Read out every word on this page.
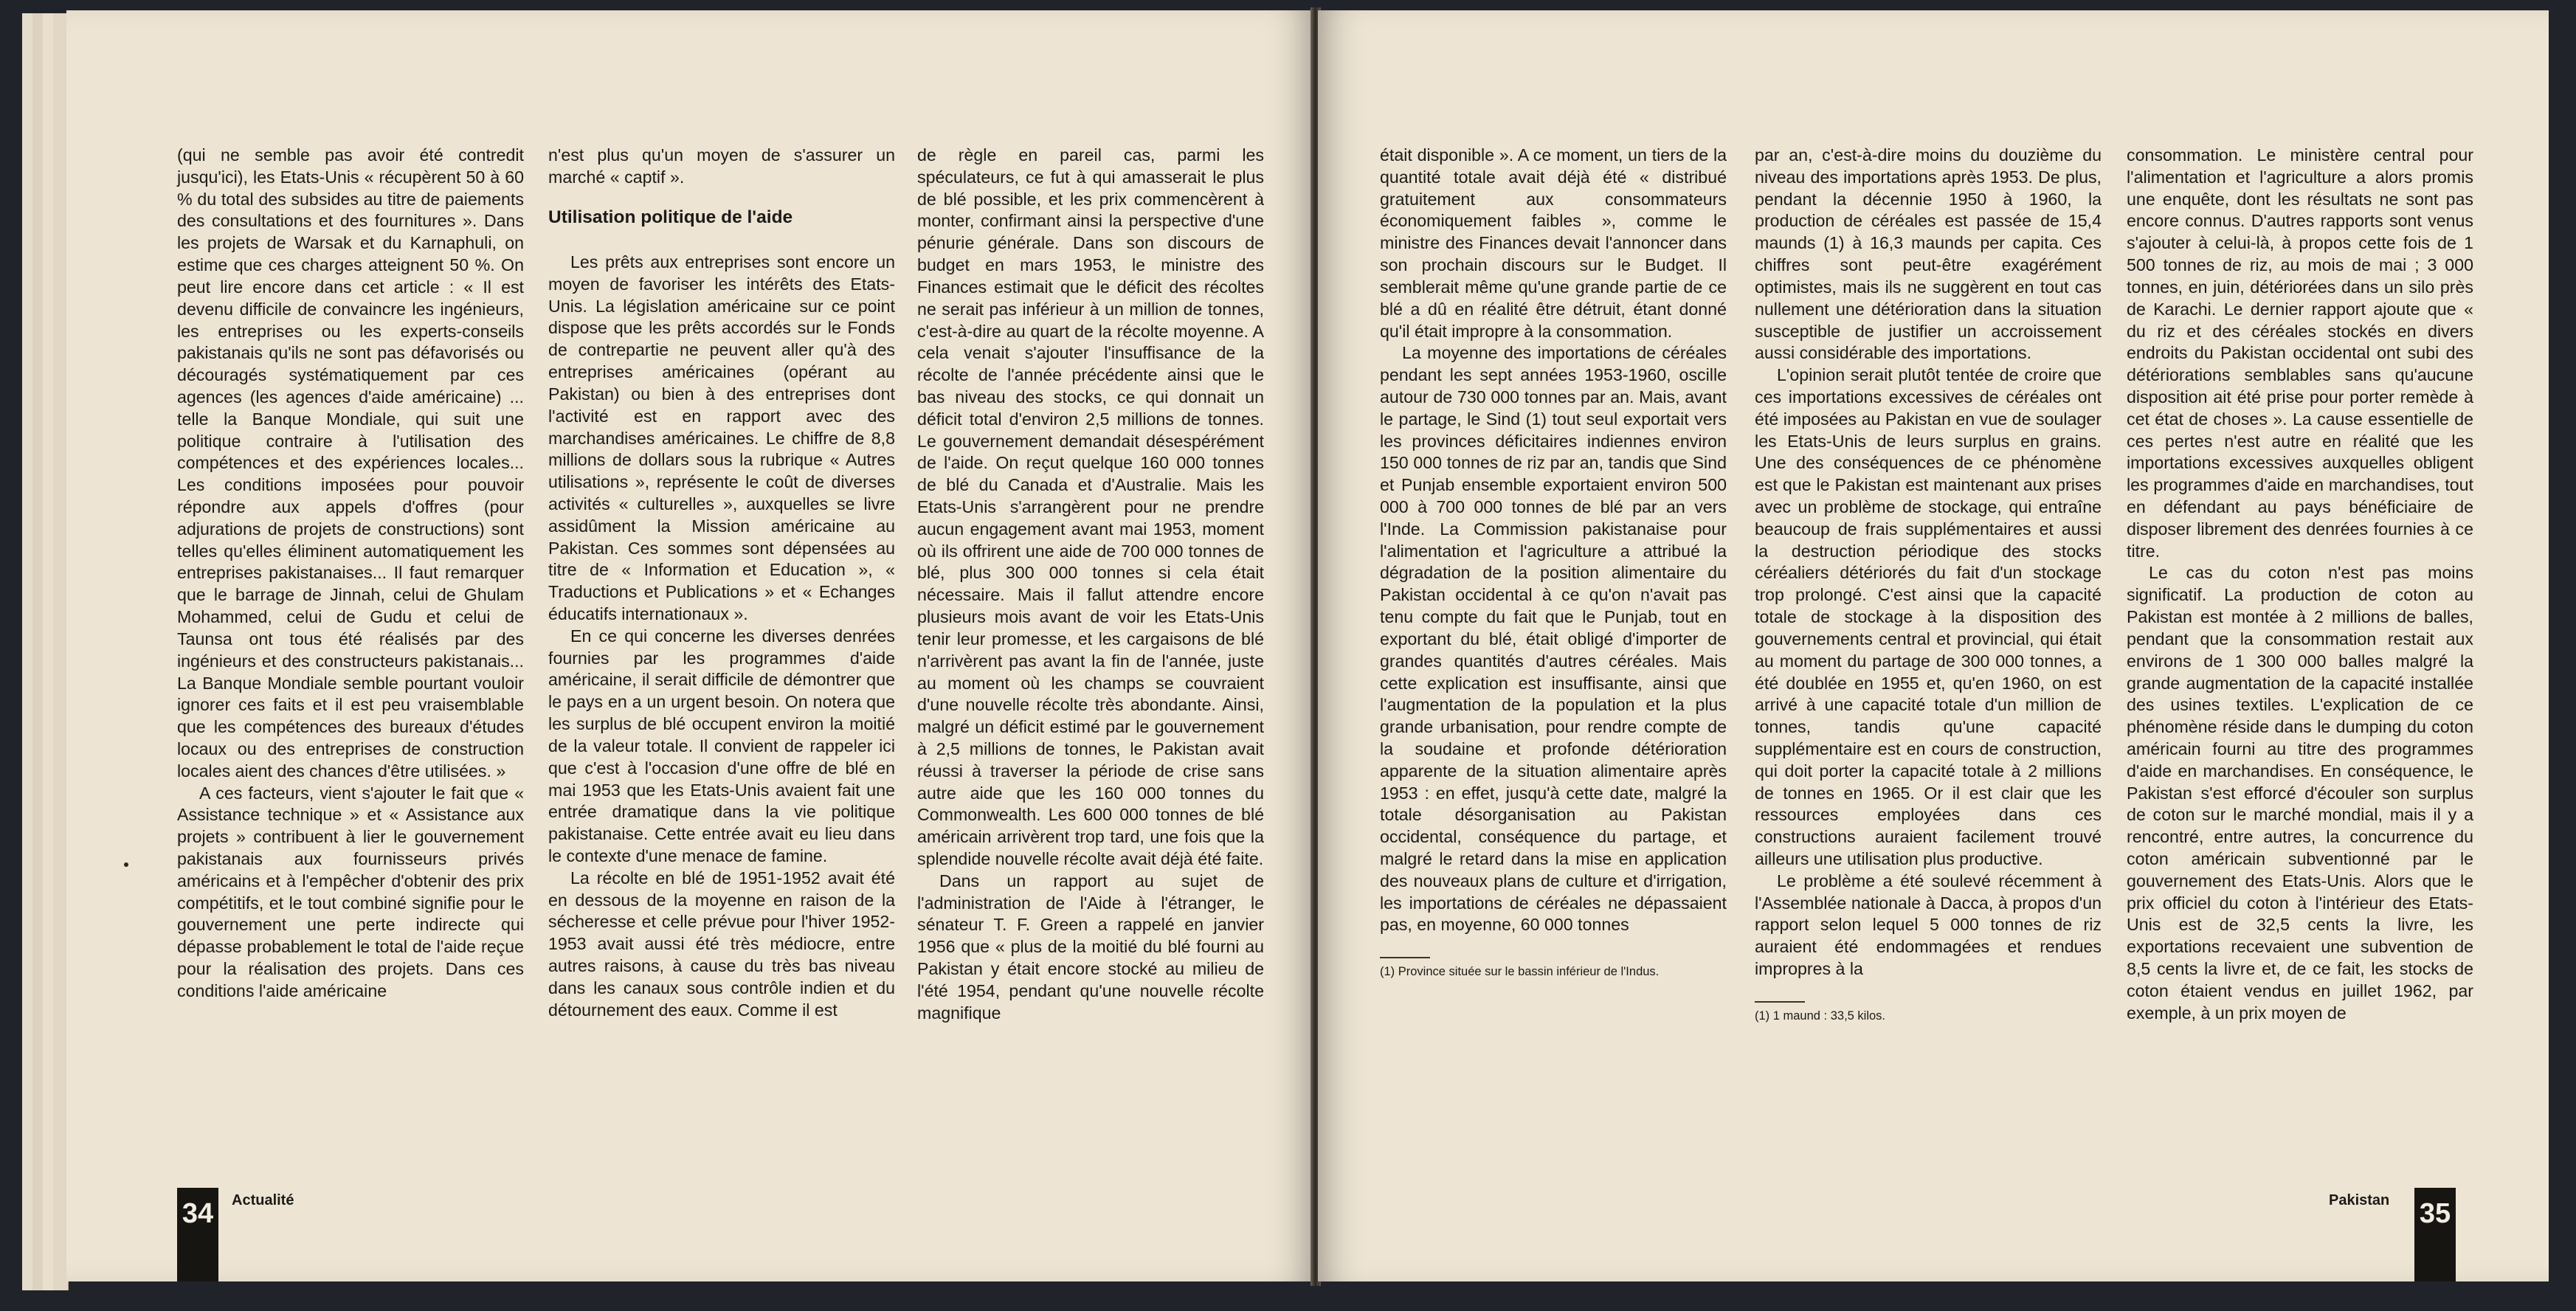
(qui ne semble pas avoir été contredit jusqu'ici), les Etats-Unis « récupèrent 50 à 60 % du total des subsides au titre de paiements des consultations et des fournitures ». Dans les projets de Warsak et du Karnaphuli, on estime que ces charges atteignent 50 %. On peut lire encore dans cet article : « Il est devenu difficile de convaincre les ingénieurs, les entreprises ou les experts-conseils pakistanais qu'ils ne sont pas défavorisés ou découragés systématiquement par ces agences (les agences d'aide américaine) ... telle la Banque Mondiale, qui suit une politique contraire à l'utilisation des compétences et des expériences locales... Les conditions imposées pour pouvoir répondre aux appels d'offres (pour adjurations de projets de constructions) sont telles qu'elles éliminent automatiquement les entreprises pakistanaises... Il faut remarquer que le barrage de Jinnah, celui de Ghulam Mohammed, celui de Gudu et celui de Taunsa ont tous été réalisés par des ingénieurs et des constructeurs pakistanais... La Banque Mondiale semble pourtant vouloir ignorer ces faits et il est peu vraisemblable que les compétences des bureaux d'études locaux ou des entreprises de construction locales aient des chances d'être utilisées. »

A ces facteurs, vient s'ajouter le fait que « Assistance technique » et « Assistance aux projets » contribuent à lier le gouvernement pakistanais aux fournisseurs privés américains et à l'empêcher d'obtenir des prix compétitifs, et le tout combiné signifie pour le gouvernement une perte indirecte qui dépasse probablement le total de l'aide reçue pour la réalisation des projets. Dans ces conditions l'aide américaine

n'est plus qu'un moyen de s'assurer un marché « captif ».

Utilisation politique de l'aide

Les prêts aux entreprises sont encore un moyen de favoriser les intérêts des Etats-Unis. La législation américaine sur ce point dispose que les prêts accordés sur le Fonds de contrepartie ne peuvent aller qu'à des entreprises américaines (opérant au Pakistan) ou bien à des entreprises dont l'activité est en rapport avec des marchandises américaines. Le chiffre de 8,8 millions de dollars sous la rubrique « Autres utilisations », représente le coût de diverses activités « culturelles », auxquelles se livre assidûment la Mission américaine au Pakistan. Ces sommes sont dépensées au titre de « Information et Education », « Traductions et Publications » et « Echanges éducatifs internationaux ».

En ce qui concerne les diverses denrées fournies par les programmes d'aide américaine, il serait difficile de démontrer que le pays en a un urgent besoin. On notera que les surplus de blé occupent environ la moitié de la valeur totale. Il convient de rappeler ici que c'est à l'occasion d'une offre de blé en mai 1953 que les Etats-Unis avaient fait une entrée dramatique dans la vie politique pakistanaise. Cette entrée avait eu lieu dans le contexte d'une menace de famine.

La récolte en blé de 1951-1952 avait été en dessous de la moyenne en raison de la sécheresse et celle prévue pour l'hiver 1952-1953 avait aussi été très médiocre, entre autres raisons, à cause du très bas niveau dans les canaux sous contrôle indien et du détournement des eaux. Comme il est

de règle en pareil cas, parmi les spéculateurs, ce fut à qui amasserait le plus de blé possible, et les prix commencèrent à monter, confirmant ainsi la perspective d'une pénurie générale. Dans son discours de budget en mars 1953, le ministre des Finances estimait que le déficit des récoltes ne serait pas inférieur à un million de tonnes, c'est-à-dire au quart de la récolte moyenne. A cela venait s'ajouter l'insuffisance de la récolte de l'année précédente ainsi que le bas niveau des stocks, ce qui donnait un déficit total d'environ 2,5 millions de tonnes. Le gouvernement demandait désespérément de l'aide. On reçut quelque 160 000 tonnes de blé du Canada et d'Australie. Mais les Etats-Unis s'arrangèrent pour ne prendre aucun engagement avant mai 1953, moment où ils offrirent une aide de 700 000 tonnes de blé, plus 300 000 tonnes si cela était nécessaire. Mais il fallut attendre encore plusieurs mois avant de voir les Etats-Unis tenir leur promesse, et les cargaisons de blé n'arrivèrent pas avant la fin de l'année, juste au moment où les champs se couvraient d'une nouvelle récolte très abondante. Ainsi, malgré un déficit estimé par le gouvernement à 2,5 millions de tonnes, le Pakistan avait réussi à traverser la période de crise sans autre aide que les 160 000 tonnes du Commonwealth. Les 600 000 tonnes de blé américain arrivèrent trop tard, une fois que la splendide nouvelle récolte avait déjà été faite.

Dans un rapport au sujet de l'administration de l'Aide à l'étranger, le sénateur T. F. Green a rappelé en janvier 1956 que « plus de la moitié du blé fourni au Pakistan y était encore stocké au milieu de l'été 1954, pendant qu'une nouvelle récolte magnifique

34 Actualité

était disponible ». A ce moment, un tiers de la quantité totale avait déjà été « distribué gratuitement aux consommateurs économiquement faibles », comme le ministre des Finances devait l'annoncer dans son prochain discours sur le Budget. Il semblerait même qu'une grande partie de ce blé a dû en réalité être détruit, étant donné qu'il était impropre à la consommation.

La moyenne des importations de céréales pendant les sept années 1953-1960, oscille autour de 730 000 tonnes par an. Mais, avant le partage, le Sind (1) tout seul exportait vers les provinces déficitaires indiennes environ 150 000 tonnes de riz par an, tandis que Sind et Punjab ensemble exportaient environ 500 000 à 700 000 tonnes de blé par an vers l'Inde. La Commission pakistanaise pour l'alimentation et l'agriculture a attribué la dégradation de la position alimentaire du Pakistan occidental à ce qu'on n'avait pas tenu compte du fait que le Punjab, tout en exportant du blé, était obligé d'importer de grandes quantités d'autres céréales. Mais cette explication est insuffisante, ainsi que l'augmentation de la population et la plus grande urbanisation, pour rendre compte de la soudaine et profonde détérioration apparente de la situation alimentaire après 1953 : en effet, jusqu'à cette date, malgré la totale désorganisation au Pakistan occidental, conséquence du partage, et malgré le retard dans la mise en application des nouveaux plans de culture et d'irrigation, les importations de céréales ne dépassaient pas, en moyenne, 60 000 tonnes

(1) Province située sur le bassin inférieur de l'Indus.

par an, c'est-à-dire moins du douzième du niveau des importations après 1953. De plus, pendant la décennie 1950 à 1960, la production de céréales est passée de 15,4 maunds (1) à 16,3 maunds per capita. Ces chiffres sont peut-être exagérément optimistes, mais ils ne suggèrent en tout cas nullement une détérioration dans la situation susceptible de justifier un accroissement aussi considérable des importations.

L'opinion serait plutôt tentée de croire que ces importations excessives de céréales ont été imposées au Pakistan en vue de soulager les Etats-Unis de leurs surplus en grains. Une des conséquences de ce phénomène est que le Pakistan est maintenant aux prises avec un problème de stockage, qui entraîne beaucoup de frais supplémentaires et aussi la destruction périodique des stocks céréaliers détériorés du fait d'un stockage trop prolongé. C'est ainsi que la capacité totale de stockage à la disposition des gouvernements central et provincial, qui était au moment du partage de 300 000 tonnes, a été doublée en 1955 et, qu'en 1960, on est arrivé à une capacité totale d'un million de tonnes, tandis qu'une capacité supplémentaire est en cours de construction, qui doit porter la capacité totale à 2 millions de tonnes en 1965. Or il est clair que les ressources employées dans ces constructions auraient facilement trouvé ailleurs une utilisation plus productive.

Le problème a été soulevé récemment à l'Assemblée nationale à Dacca, à propos d'un rapport selon lequel 5 000 tonnes de riz auraient été endommagées et rendues impropres à la

(1) 1 maund : 33,5 kilos.

consommation. Le ministère central pour l'alimentation et l'agriculture a alors promis une enquête, dont les résultats ne sont pas encore connus. D'autres rapports sont venus s'ajouter à celui-là, à propos cette fois de 1 500 tonnes de riz, au mois de mai ; 3 000 tonnes, en juin, détériorées dans un silo près de Karachi. Le dernier rapport ajoute que « du riz et des céréales stockés en divers endroits du Pakistan occidental ont subi des détériorations semblables sans qu'aucune disposition ait été prise pour porter remède à cet état de choses ». La cause essentielle de ces pertes n'est autre en réalité que les importations excessives auxquelles obligent les programmes d'aide en marchandises, tout en défendant au pays bénéficiaire de disposer librement des denrées fournies à ce titre.

Le cas du coton n'est pas moins significatif. La production de coton au Pakistan est montée à 2 millions de balles, pendant que la consommation restait aux environs de 1 300 000 balles malgré la grande augmentation de la capacité installée des usines textiles. L'explication de ce phénomène réside dans le dumping du coton américain fourni au titre des programmes d'aide en marchandises. En conséquence, le Pakistan s'est efforcé d'écouler son surplus de coton sur le marché mondial, mais il y a rencontré, entre autres, la concurrence du coton américain subventionné par le gouvernement des Etats-Unis. Alors que le prix officiel du coton à l'intérieur des Etats-Unis est de 32,5 cents la livre, les exportations recevaient une subvention de 8,5 cents la livre et, de ce fait, les stocks de coton étaient vendus en juillet 1962, par exemple, à un prix moyen de

Pakistan 35
